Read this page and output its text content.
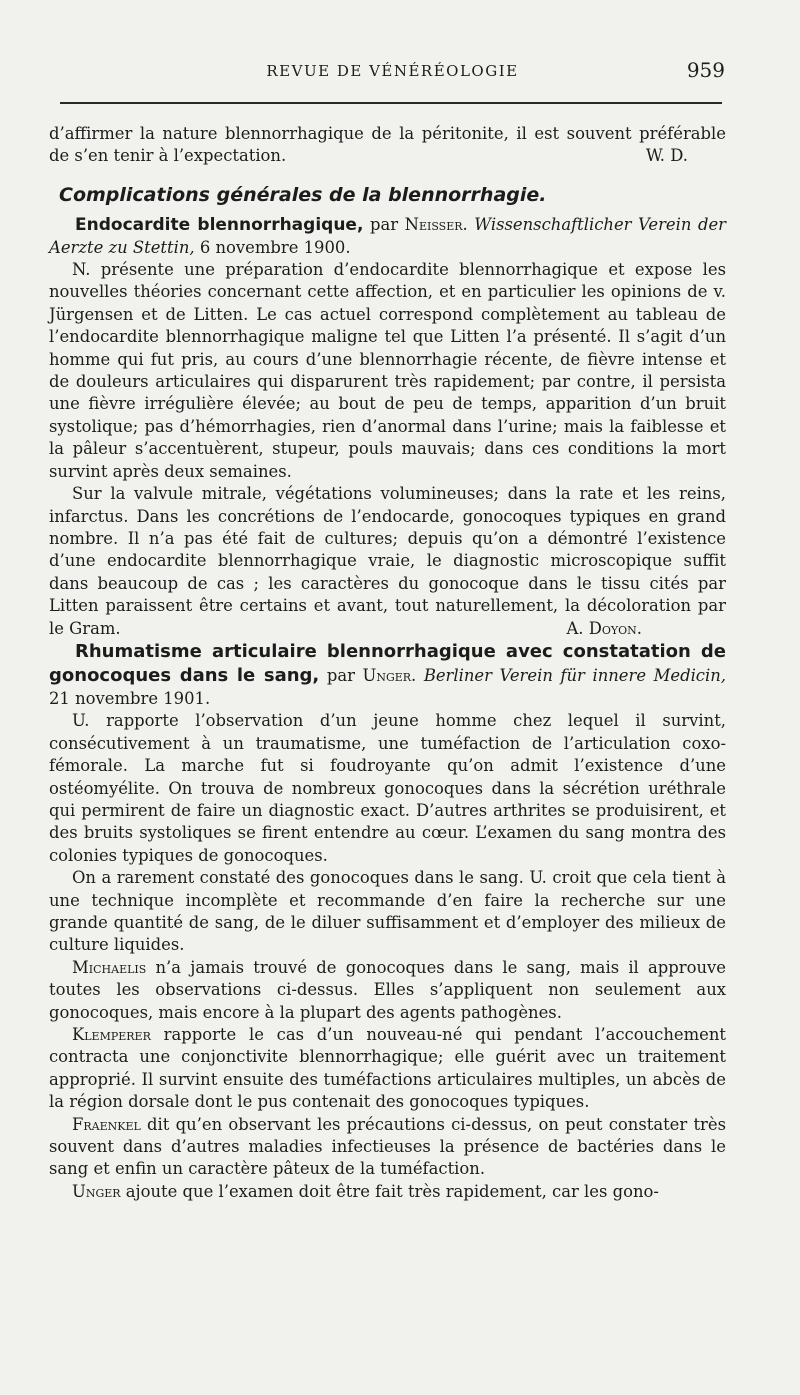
REVUE DE VÉNÉRÉOLOGIE	959

d’affirmer la nature blennorrhagique de la péritonite, il est souvent préférable de s’en tenir à l’expectation.	W. D.

Complications générales de la blennorrhagie.

Endocardite blennorrhagique, par Neisser. Wissenschaftlicher Verein der Aerzte zu Stettin, 6 novembre 1900.

N. présente une préparation d’endocardite blennorrhagique et expose les nouvelles théories concernant cette affection, et en particulier les opinions de v. Jürgensen et de Litten. Le cas actuel correspond complètement au tableau de l’endocardite blennorrhagique maligne tel que Litten l’a présenté. Il s’agit d’un homme qui fut pris, au cours d’une blennorrhagie récente, de fièvre intense et de douleurs articulaires qui disparurent très rapidement; par contre, il persista une fièvre irrégulière élevée; au bout de peu de temps, apparition d’un bruit systolique; pas d’hémorrhagies, rien d’anormal dans l’urine; mais la faiblesse et la pâleur s’accentuèrent, stupeur, pouls mauvais; dans ces conditions la mort survint après deux semaines.

Sur la valvule mitrale, végétations volumineuses; dans la rate et les reins, infarctus. Dans les concrétions de l’endocarde, gonocoques typiques en grand nombre. Il n’a pas été fait de cultures; depuis qu’on a démontré l’existence d’une endocardite blennorrhagique vraie, le diagnostic microscopique suffit dans beaucoup de cas ; les caractères du gonocoque dans le tissu cités par Litten paraissent être certains et avant, tout naturellement, la décoloration par le Gram.	A. Doyon.

Rhumatisme articulaire blennorrhagique avec constatation de gonocoques dans le sang, par Unger. Berliner Verein für innere Medicin, 21 novembre 1901.

U. rapporte l’observation d’un jeune homme chez lequel il survint, consécutivement à un traumatisme, une tuméfaction de l’articulation coxo-fémorale. La marche fut si foudroyante qu’on admit l’existence d’une ostéomyélite. On trouva de nombreux gonocoques dans la sécrétion uréthrale qui permirent de faire un diagnostic exact. D’autres arthrites se produisirent, et des bruits systoliques se firent entendre au cœur. L’examen du sang montra des colonies typiques de gonocoques.

On a rarement constaté des gonocoques dans le sang. U. croit que cela tient à une technique incomplète et recommande d’en faire la recherche sur une grande quantité de sang, de le diluer suffisamment et d’employer des milieux de culture liquides.

Michaelis n’a jamais trouvé de gonocoques dans le sang, mais il approuve toutes les observations ci-dessus. Elles s’appliquent non seulement aux gonocoques, mais encore à la plupart des agents pathogènes.

Klemperer rapporte le cas d’un nouveau-né qui pendant l’accouchement contracta une conjonctivite blennorrhagique; elle guérit avec un traitement approprié. Il survint ensuite des tuméfactions articulaires multiples, un abcès de la région dorsale dont le pus contenait des gonocoques typiques.

Fraenkel dit qu’en observant les précautions ci-dessus, on peut constater très souvent dans d’autres maladies infectieuses la présence de bactéries dans le sang et enfin un caractère pâteux de la tuméfaction.

Unger ajoute que l’examen doit être fait très rapidement, car les gono-
